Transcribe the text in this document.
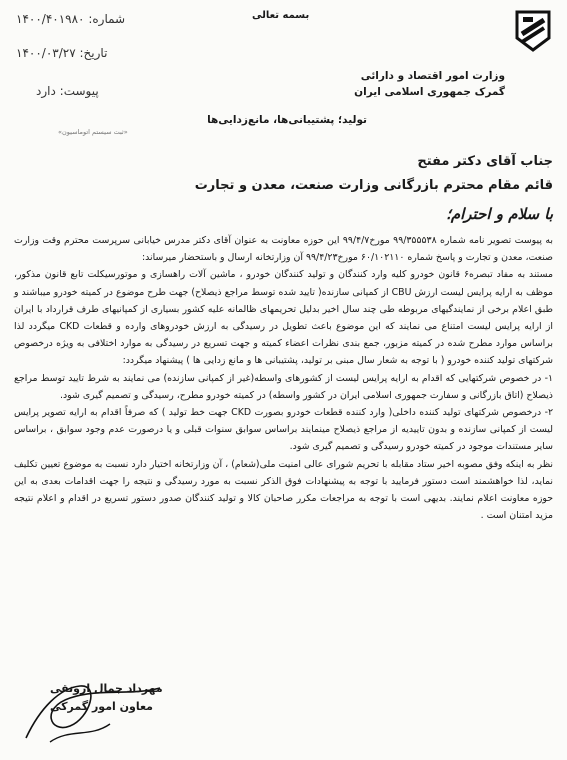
بسمه تعالی
شماره: ۱۴۰۰/۴۰۱۹۸۰
تاریخ: ۱۴۰۰/۰۳/۲۷
پیوست: دارد
«ثبت سیستم اتوماسیون»
وزارت امور اقتصاد و دارائی
گمرک جمهوری اسلامی ایران
تولید؛ پشتیبانی‌ها، مانع‌زدایی‌ها
جناب آقای دکتر مفتح
قائم مقام محترم بازرگانی وزارت صنعت، معدن و تجارت
با سلام و احترام؛

به پیوست تصویر نامه شماره ۹۹/۳۵۵۵۳۸ مورخ۹۹/۴/۷ این حوزه معاونت به عنوان آقای دکتر مدرس خیابانی سرپرست محترم وقت وزارت صنعت، معدن و تجارت و پاسخ شماره ۶۰/۱۰۲۱۱۰ مورخ۹۹/۴/۲۳ آن وزارتخانه ارسال و باستحضار میرساند:

مستند به مفاد تبصره۶ قانون خودرو کلیه وارد کنندگان و تولید کنندگان خودرو ، ماشین آلات راهسازی و موتورسیکلت تابع قانون مذکور، موظف به ارایه پرایس لیست ارزش CBU از کمپانی سازنده( تایید شده توسط مراجع ذیصلاح) جهت طرح موضوع در کمیته خودرو میباشند و طبق اعلام برخی از نمایندگیهای مربوطه طی چند سال اخیر بدلیل تحریمهای ظالمانه علیه کشور بسیاری از کمپانیهای طرف قرارداد با ایران از ارایه پرایس لیست امتناع می نمایند که این موضوع باعث تطویل در رسیدگی به ارزش خودروهای وارده و قطعات CKD میگردد لذا براساس موارد مطرح شده در کمیته مزبور، جمع بندی نظرات اعضاء کمیته و جهت تسریع در رسیدگی به موارد اختلافی به ویژه درخصوص شرکتهای تولید کننده خودرو ( با توجه به شعار سال مبنی بر تولید، پشتیبانی ها و مانع زدایی ها ) پیشنهاد میگردد:

۱- در خصوص شرکتهایی که اقدام به ارایه پرایس لیست از کشورهای واسطه(غیر از کمپانی سازنده) می نمایند به شرط تایید توسط مراجع ذیصلاح (اتاق بازرگانی و سفارت جمهوری اسلامی ایران در کشور واسطه) در کمیته خودرو مطرح، رسیدگی و تصمیم گیری شود.

۲- درخصوص شرکتهای تولید کننده داخلی( وارد کننده قطعات خودرو بصورت CKD جهت خط تولید ) که صرفاً اقدام به ارایه تصویر پرایس لیست از کمپانی سازنده و بدون تاییدیه از مراجع ذیصلاح مینمایند براساس سوابق سنوات قبلی و یا درصورت عدم وجود سوابق ، براساس سایر مستندات موجود در کمیته خودرو رسیدگی و تصمیم گیری شود.

نظر به اینکه وفق مصوبه اخیر ستاد مقابله با تحریم شورای عالی امنیت ملی(شعام) ، آن وزارتخانه اختیار دارد نسبت به موضوع تعیین تکلیف نماید، لذا خواهشمند است دستور فرمایید با توجه به پیشنهادات فوق الذکر نسبت به مورد رسیدگی و نتیجه را جهت اقدامات بعدی به این حوزه معاونت اعلام نمایند. بدیهی است با توجه به مراجعات مکرر صاحبان کالا و تولید کنندگان صدور دستور تسریع در اقدام و اعلام نتیجه مزید امتنان است .

مهرداد جمال ارونقی
معاون امور گمرکی
